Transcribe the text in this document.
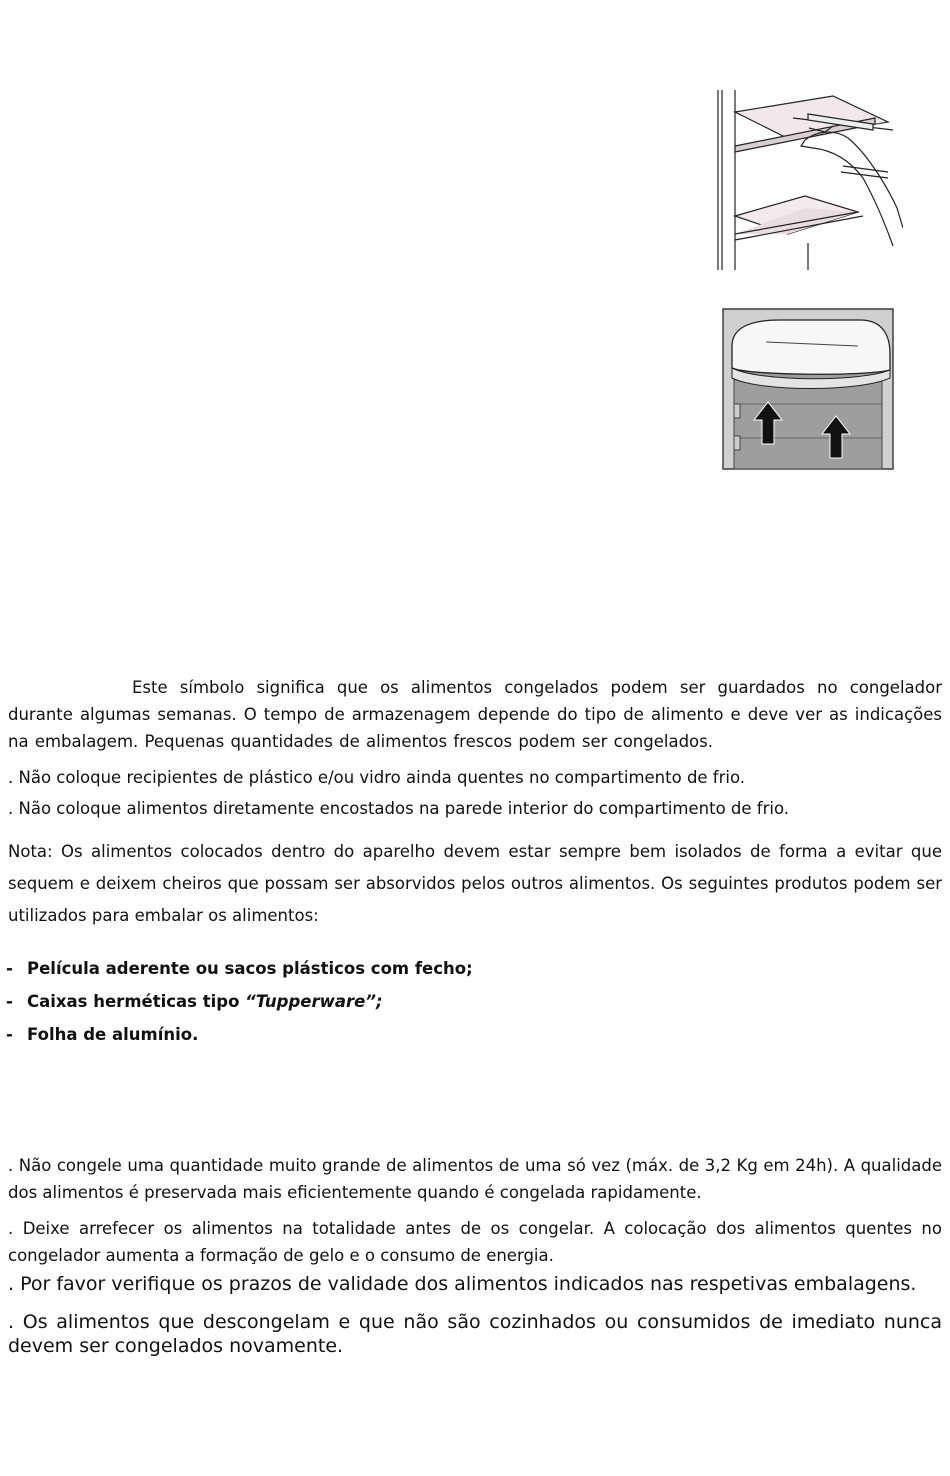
Este símbolo significa que os alimentos congelados podem ser guardados no congelador durante algumas semanas. O tempo de armazenagem depende do tipo de alimento e deve ver as indicações na embalagem. Pequenas quantidades de alimentos frescos podem ser congelados.

. Não coloque recipientes de plástico e/ou vidro ainda quentes no compartimento de frio.

. Não coloque alimentos diretamente encostados na parede interior do compartimento de frio.

Nota: Os alimentos colocados dentro do aparelho devem estar sempre bem isolados de forma a evitar que sequem e deixem cheiros que possam ser absorvidos pelos outros alimentos. Os seguintes produtos podem ser utilizados para embalar os alimentos:

- Película aderente ou sacos plásticos com fecho;
- Caixas herméticas tipo “Tupperware”;
- Folha de alumínio.

. Não congele uma quantidade muito grande de alimentos de uma só vez (máx. de 3,2 Kg em 24h). A qualidade dos alimentos é preservada mais eficientemente quando é congelada rapidamente.

. Deixe arrefecer os alimentos na totalidade antes de os congelar. A colocação dos alimentos quentes no congelador aumenta a formação de gelo e o consumo de energia.

. Por favor verifique os prazos de validade dos alimentos indicados nas respetivas embalagens.

. Os alimentos que descongelam e que não são cozinhados ou consumidos de imediato nunca devem ser congelados novamente.
